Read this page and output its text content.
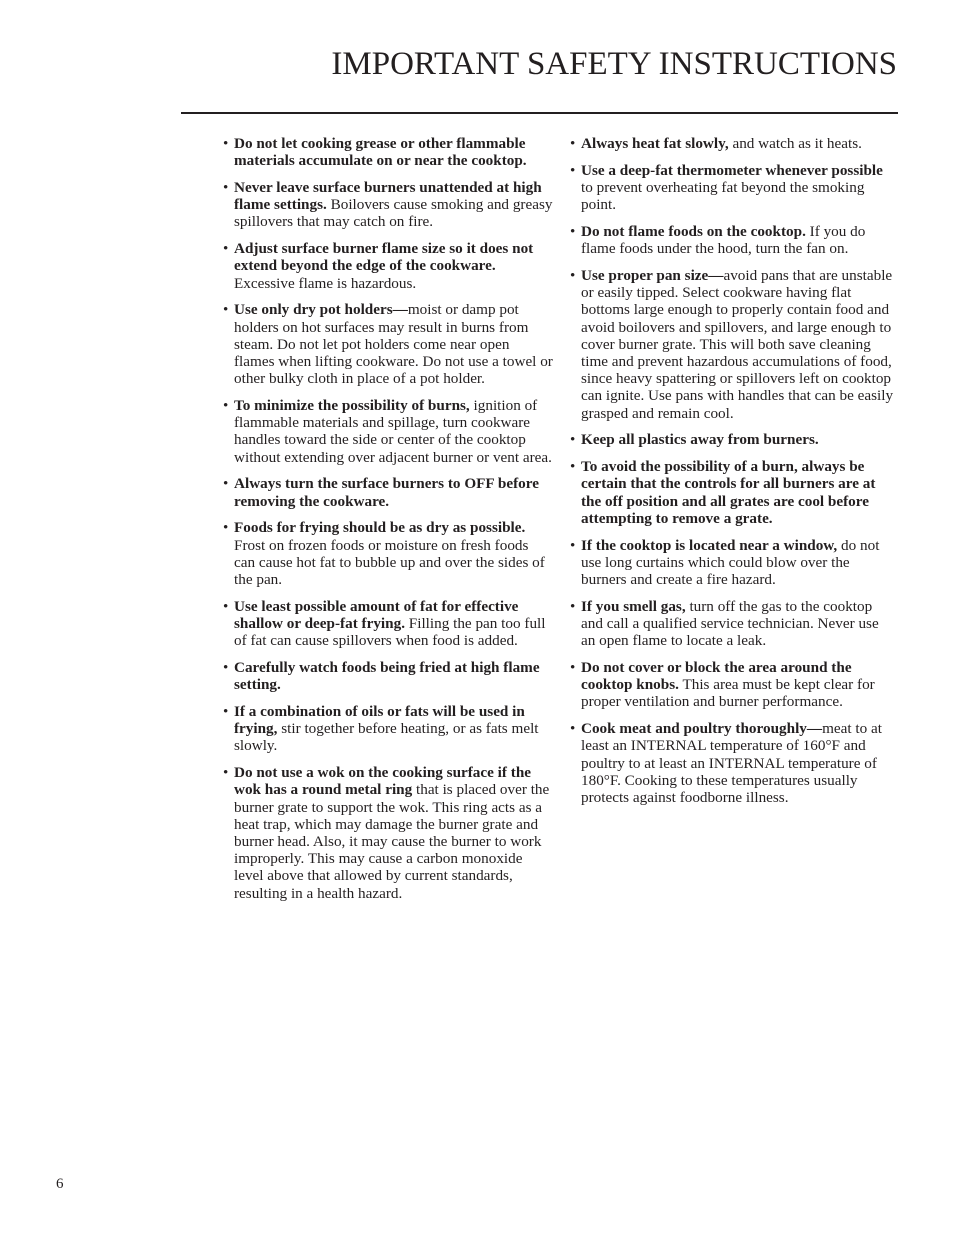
IMPORTANT SAFETY INSTRUCTIONS

• Do not let cooking grease or other flammable materials accumulate on or near the cooktop.

• Never leave surface burners unattended at high flame settings. Boilovers cause smoking and greasy spillovers that may catch on fire.

• Adjust surface burner flame size so it does not extend beyond the edge of the cookware. Excessive flame is hazardous.

• Use only dry pot holders—moist or damp pot holders on hot surfaces may result in burns from steam. Do not let pot holders come near open flames when lifting cookware. Do not use a towel or other bulky cloth in place of a pot holder.

• To minimize the possibility of burns, ignition of flammable materials and spillage, turn cookware handles toward the side or center of the cooktop without extending over adjacent burner or vent area.

• Always turn the surface burners to OFF before removing the cookware.

• Foods for frying should be as dry as possible. Frost on frozen foods or moisture on fresh foods can cause hot fat to bubble up and over the sides of the pan.

• Use least possible amount of fat for effective shallow or deep-fat frying. Filling the pan too full of fat can cause spillovers when food is added.

• Carefully watch foods being fried at high flame setting.

• If a combination of oils or fats will be used in frying, stir together before heating, or as fats melt slowly.

• Do not use a wok on the cooking surface if the wok has a round metal ring that is placed over the burner grate to support the wok. This ring acts as a heat trap, which may damage the burner grate and burner head. Also, it may cause the burner to work improperly. This may cause a carbon monoxide level above that allowed by current standards, resulting in a health hazard.

• Always heat fat slowly, and watch as it heats.

• Use a deep-fat thermometer whenever possible to prevent overheating fat beyond the smoking point.

• Do not flame foods on the cooktop. If you do flame foods under the hood, turn the fan on.

• Use proper pan size—avoid pans that are unstable or easily tipped. Select cookware having flat bottoms large enough to properly contain food and avoid boilovers and spillovers, and large enough to cover burner grate. This will both save cleaning time and prevent hazardous accumulations of food, since heavy spattering or spillovers left on cooktop can ignite. Use pans with handles that can be easily grasped and remain cool.

• Keep all plastics away from burners.

• To avoid the possibility of a burn, always be certain that the controls for all burners are at the off position and all grates are cool before attempting to remove a grate.

• If the cooktop is located near a window, do not use long curtains which could blow over the burners and create a fire hazard.

• If you smell gas, turn off the gas to the cooktop and call a qualified service technician. Never use an open flame to locate a leak.

• Do not cover or block the area around the cooktop knobs. This area must be kept clear for proper ventilation and burner performance.

• Cook meat and poultry thoroughly—meat to at least an INTERNAL temperature of 160°F and poultry to at least an INTERNAL temperature of 180°F. Cooking to these temperatures usually protects against foodborne illness.

6
